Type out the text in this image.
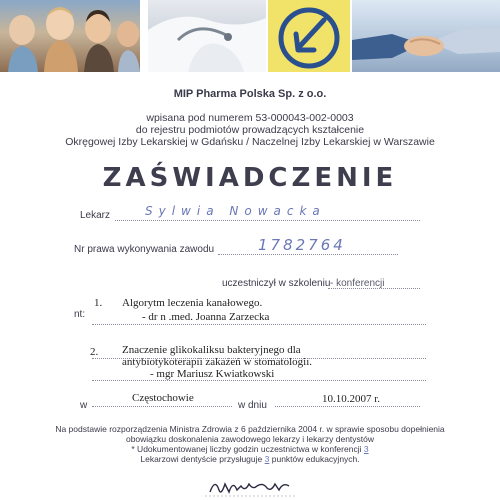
MIP Pharma Polska Sp. z o.o.
wpisana pod numerem 53-000043-002-0003
do rejestru podmiotów prowadzących kształcenie
Okręgowej Izby Lekarskiej w Gdańsku / Naczelnej Izby Lekarskiej w Warszawie
ZAŚWIADCZENIE
Lekarz	Sylwia Nowacka
Nr prawa wykonywania zawodu	1782764
uczestniczył w szkoleniu - konferencji
nt:
1. Algorytm leczenia kanałowego.
- dr n .med. Joanna Zarzecka
2. Znaczenie glikokaliksu bakteryjnego dla
antybiotykoterapii zakażeń w stomatologii.
- mgr Mariusz Kwiatkowski
w
Częstochowie
w dniu
10.10.2007 r.
Na podstawie rozporządzenia Ministra Zdrowia z 6 października 2004 r. w sprawie sposobu dopełnienia
obowiązku doskonalenia zawodowego lekarzy i lekarzy dentystów
* Udokumentowanej liczby godzin uczestnictwa w konferencji 3
Lekarzowi dentyście przysługuje 3 punktów edukacyjnych.
